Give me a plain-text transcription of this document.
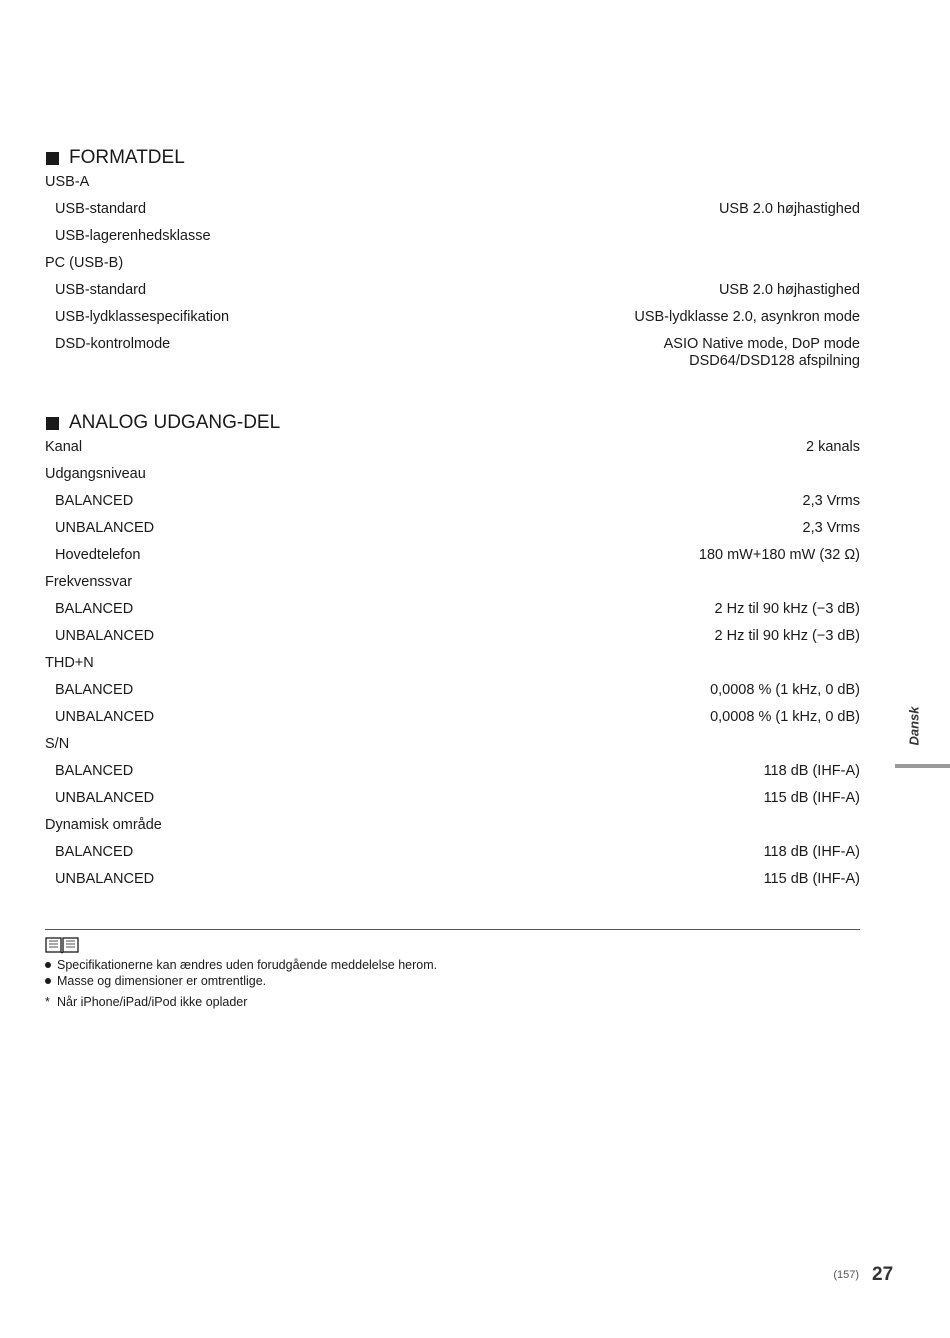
FORMATDEL
USB-A
USB-standard	USB 2.0 højhastighed
USB-lagerenhedsklasse
PC (USB-B)
USB-standard	USB 2.0 højhastighed
USB-lydklassespecifikation	USB-lydklasse 2.0, asynkron mode
DSD-kontrolmode	ASIO Native mode, DoP mode
DSD64/DSD128 afspilning
ANALOG UDGANG-DEL
Kanal	2 kanals
Udgangsniveau
BALANCED	2,3 Vrms
UNBALANCED	2,3 Vrms
Hovedtelefon	180 mW+180 mW (32 Ω)
Frekvenssvar
BALANCED	2 Hz til 90 kHz (−3 dB)
UNBALANCED	2 Hz til 90 kHz (−3 dB)
THD+N
BALANCED	0,0008 % (1 kHz, 0 dB)
UNBALANCED	0,0008 % (1 kHz, 0 dB)
S/N
BALANCED	118 dB (IHF-A)
UNBALANCED	115 dB (IHF-A)
Dynamisk område
BALANCED	118 dB (IHF-A)
UNBALANCED	115 dB (IHF-A)
Specifikationerne kan ændres uden forudgående meddelelse herom.
Masse og dimensioner er omtrentlige.
* Når iPhone/iPad/iPod ikke oplader
Dansk
(157) 27
